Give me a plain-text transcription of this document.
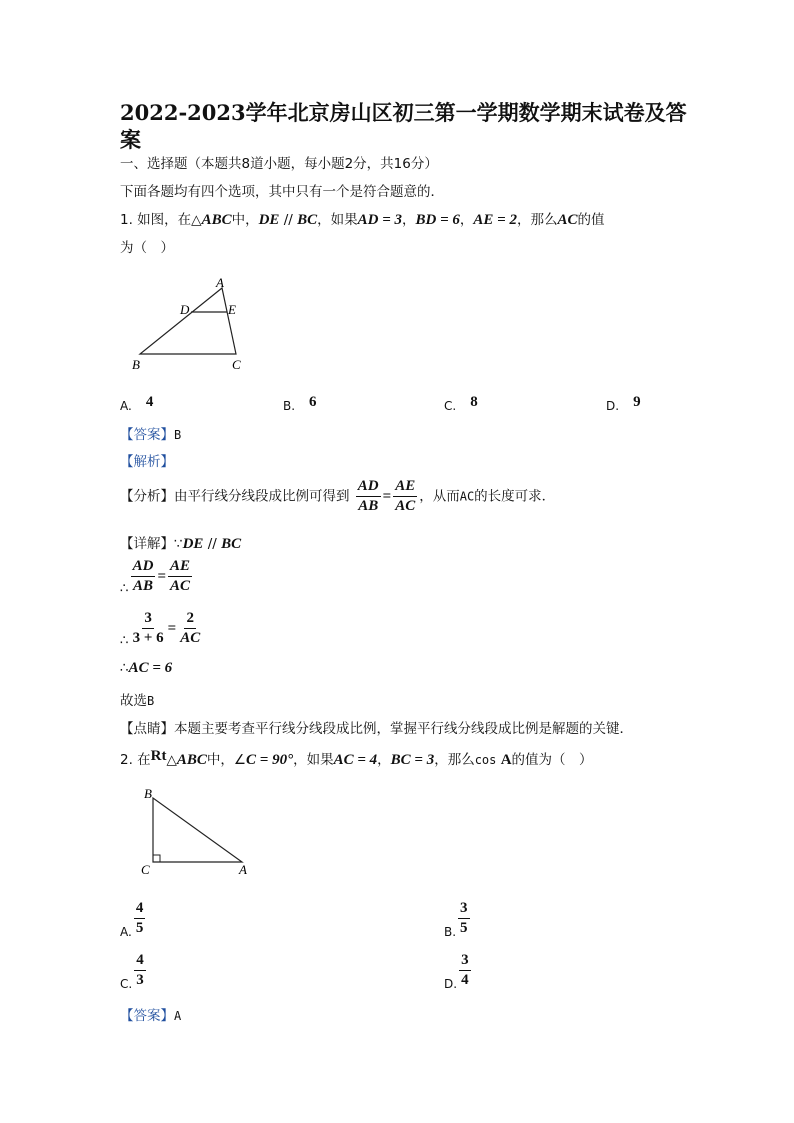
2022-2023学年北京房山区初三第一学期数学期末试卷及答
案
一、选择题（本题共8道小题，每小题2分，共16分）
下面各题均有四个选项，其中只有一个是符合题意的．
1. 如图，在△ABC中，DE // BC，如果AD = 3，BD = 6，AE = 2，那么AC的值
为（　）
A
B	C
D	E
A. 4	B. 6	C. 8	D. 9
【答案】B
【解析】
【分析】由平行线分线段成比例可得到 $\frac{AD}{AB} = \frac{AE}{AC}$ ，从而AC的长度可求．
【详解】∵DE // BC
∴ $\frac{AD}{AB} = \frac{AE}{AC}$
∴ $\frac{3}{3 + 6} = \frac{2}{AC}$
∴AC = 6
故选B
【点睛】本题主要考查平行线分线段成比例，掌握平行线分线段成比例是解题的关键．
2. 在Rt△ABC中，∠C = 90°，如果AC = 4，BC = 3，那么cos A的值为（　）
B
C	A
A. $\frac{4}{5}$	B. $\frac{3}{5}$
C. $\frac{4}{3}$	D. $\frac{3}{4}$
【答案】A
